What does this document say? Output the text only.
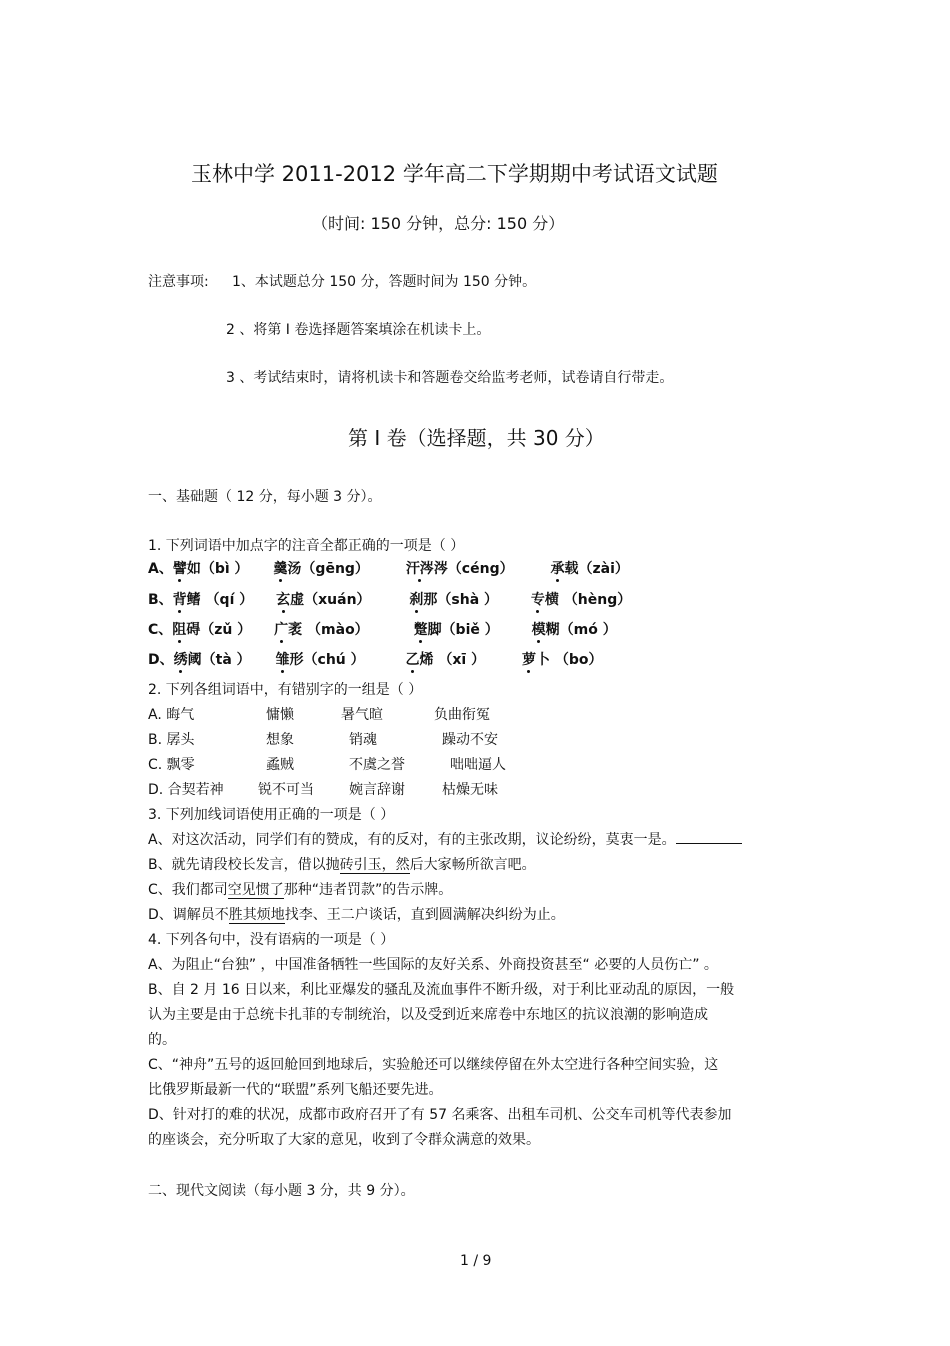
玉林中学 2011-2012 学年高二下学期期中考试语文试题
（时间: 150 分钟，总分: 150 分）
注意事项: 1、本试题总分 150 分，答题时间为 150 分钟。
2 、将第 I 卷选择题答案填涂在机读卡上。
3 、考试结束时，请将机读卡和答题卷交给监考老师，试卷请自行带走。
第 I 卷（选择题，共 30 分）
一、基础题（ 12 分，每小题 3 分）。
1. 下列词语中加点字的注音全都正确的一项是（ ）
A、譬如（bì ） 羹汤（gēng）	汗涔涔（céng）	承载（zài）
B、背鳍 （qí ） 玄虚（xuán）	刹那（shà ） 专横 （hèng）
C、阻碍（zǔ ） 广袤 （mào）	蹩脚（biě ） 模糊（mó ）
D、绣阈（tà ） 雏形（chú ）	乙烯 （xī ）	萝卜 （bo）
2. 下列各组词语中，有错别字的一组是（ ）
A. 晦气	慵懒	暑气暄	负曲衔冤
B. 孱头	想象	销魂	躁动不安
C. 飘零	蟊贼	不虞之誉	咄咄逼人
D. 合契若神 锐不可当	婉言辞谢	枯燥无味
3. 下列加线词语使用正确的一项是（ ）
A、对这次活动，同学们有的赞成，有的反对，有的主张改期，议论纷纷，莫衷一是。
B、就先请段校长发言，借以抛砖引玉，然后大家畅所欲言吧。
C、我们都司空见惯了那种“违者罚款”的告示牌。
D、调解员不胜其烦地找李、王二户谈话，直到圆满解决纠纷为止。
4. 下列各句中，没有语病的一项是（ ）
A、为阻止“台独” ，中国准备牺牲一些国际的友好关系、外商投资甚至“ 必要的人员伤亡” 。
B、自 2 月 16 日以来，利比亚爆发的骚乱及流血事件不断升级，对于利比亚动乱的原因，一般
认为主要是由于总统卡扎菲的专制统治，以及受到近来席卷中东地区的抗议浪潮的影响造成
的。
C、“神舟”五号的返回舱回到地球后，实验舱还可以继续停留在外太空进行各种空间实验，这
比俄罗斯最新一代的“联盟”系列飞船还要先进。
D、针对打的难的状况，成都市政府召开了有 57 名乘客、出租车司机、公交车司机等代表参加
的座谈会，充分听取了大家的意见，收到了令群众满意的效果。
二、现代文阅读（每小题 3 分，共 9 分）。
1 / 9
